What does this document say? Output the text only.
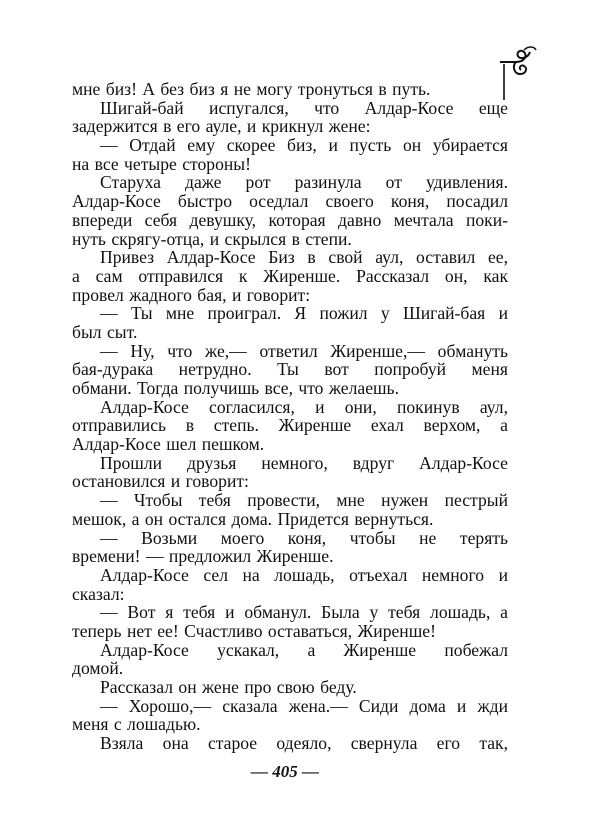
мне биз! А без биз я не могу тронуться в путь.
Шигай-бай испугался, что Алдар-Косе еще
задержится в его ауле, и крикнул жене:
— Отдай ему скорее биз, и пусть он убирается
на все четыре стороны!
Старуха даже рот разинула от удивления.
Алдар-Косе быстро оседлал своего коня, посадил
впереди себя девушку, которая давно мечтала поки-
нуть скрягу-отца, и скрылся в степи.
Привез Алдар-Косе Биз в свой аул, оставил ее,
а сам отправился к Жиренше. Рассказал он, как
провел жадного бая, и говорит:
— Ты мне проиграл. Я пожил у Шигай-бая и
был сыт.
— Ну, что же,— ответил Жиренше,— обмануть
бая-дурака нетрудно. Ты вот попробуй меня
обмани. Тогда получишь все, что желаешь.
Алдар-Косе согласился, и они, покинув аул,
отправились в степь. Жиренше ехал верхом, а
Алдар-Косе шел пешком.
Прошли друзья немного, вдруг Алдар-Косе
остановился и говорит:
— Чтобы тебя провести, мне нужен пестрый
мешок, а он остался дома. Придется вернуться.
— Возьми моего коня, чтобы не терять
времени! — предложил Жиренше.
Алдар-Косе сел на лошадь, отъехал немного и
сказал:
— Вот я тебя и обманул. Была у тебя лошадь, а
теперь нет ее! Счастливо оставаться, Жиренше!
Алдар-Косе ускакал, а Жиренше побежал
домой.
Рассказал он жене про свою беду.
— Хорошо,— сказала жена.— Сиди дома и жди
меня с лошадью.
Взяла она старое одеяло, свернула его так,
— 405 —
